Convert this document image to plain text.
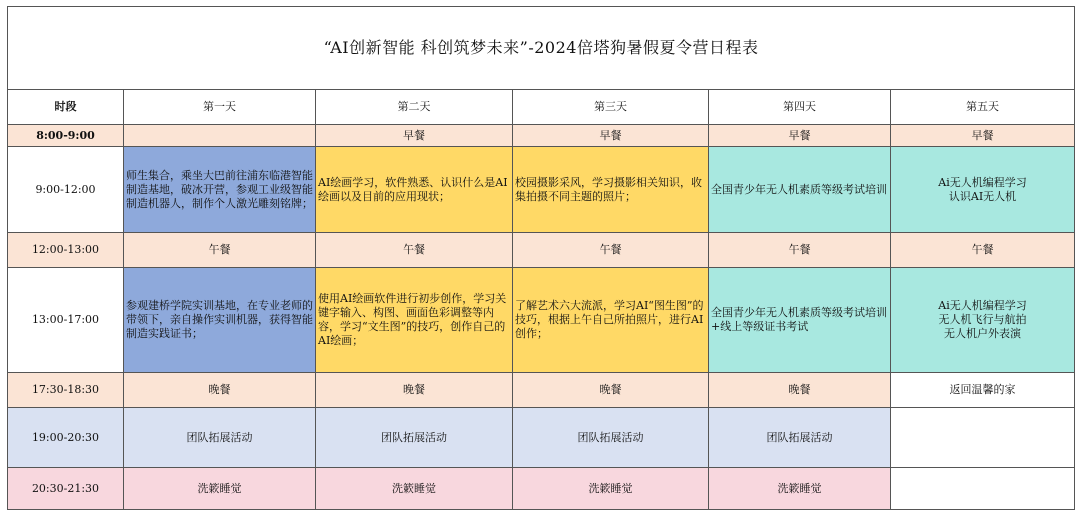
“AI创新智能 科创筑梦未来”-2024倍塔狗暑假夏令营日程表					
时段	第一天	第二天	第三天	第四天	第五天
8:00-9:00		早餐	早餐	早餐	早餐
9:00-12:00	师生集合，乘坐大巴前往浦东临港智能制造基地，破冰开营，参观工业级智能制造机器人，制作个人激光雕刻铭牌；	AI绘画学习，软件熟悉、认识什么是AI绘画以及目前的应用现状；	校园摄影采风，学习摄影相关知识，收集拍摄不同主题的照片；	全国青少年无人机素质等级考试培训	Ai无人机编程学习
认识AI无人机

12:00-13:00	午餐	午餐	午餐	午餐	午餐
13:00-17:00	参观建桥学院实训基地，在专业老师的带领下，亲自操作实训机器，获得智能制造实践证书；	使用AI绘画软件进行初步创作，学习关键字输入、构图、画面色彩调整等内容，学习“文生图”的技巧，创作自己的AI绘画；	了解艺术六大流派，学习AI“图生图”的技巧，根据上午自己所拍照片，进行AI创作；	全国青少年无人机素质等级考试培训+线上等级证书考试	Ai无人机编程学习
无人机飞行与航拍
无人机户外表演

17:30-18:30	晚餐	晚餐	晚餐	晚餐	返回温馨的家
19:00-20:30	团队拓展活动	团队拓展活动	团队拓展活动	团队拓展活动	
20:30-21:30	洗簌睡觉	洗簌睡觉	洗簌睡觉	洗簌睡觉	
